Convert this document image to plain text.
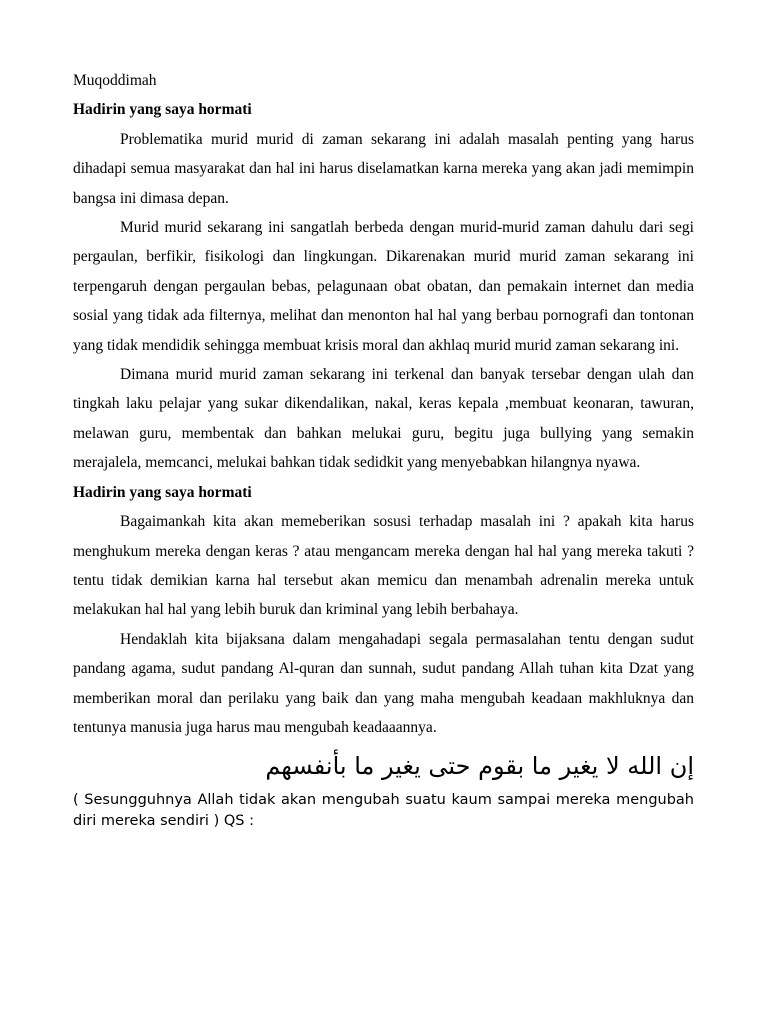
Muqoddimah

Hadirin yang saya hormati

Problematika murid murid di zaman sekarang ini adalah masalah penting yang harus dihadapi semua masyarakat dan hal ini harus diselamatkan karna mereka yang akan jadi memimpin bangsa ini dimasa depan.

Murid murid sekarang ini sangatlah berbeda dengan murid-murid zaman dahulu dari segi pergaulan, berfikir, fisikologi dan lingkungan. Dikarenakan murid murid zaman sekarang ini terpengaruh dengan pergaulan bebas, pelagunaan obat obatan, dan pemakain internet dan media sosial yang tidak ada filternya, melihat dan menonton hal hal yang berbau pornografi dan tontonan yang tidak mendidik sehingga membuat krisis moral dan akhlaq murid murid zaman sekarang ini.

Dimana murid murid zaman sekarang ini terkenal dan banyak tersebar dengan ulah dan tingkah laku pelajar yang sukar dikendalikan, nakal, keras kepala ,membuat keonaran, tawuran, melawan guru, membentak dan bahkan melukai guru, begitu juga bullying yang semakin merajalela, memcanci, melukai bahkan tidak sedidkit yang menyebabkan hilangnya nyawa.

Hadirin yang saya hormati

Bagaimankah kita akan memeberikan sosusi terhadap masalah ini ? apakah kita harus menghukum mereka dengan keras ? atau mengancam mereka dengan hal hal yang mereka takuti ? tentu tidak demikian karna hal tersebut akan memicu dan menambah adrenalin mereka untuk melakukan hal hal yang lebih buruk dan kriminal yang lebih berbahaya.

Hendaklah kita bijaksana dalam mengahadapi segala permasalahan tentu dengan sudut pandang agama, sudut pandang Al-quran dan sunnah, sudut pandang Allah tuhan kita Dzat yang memberikan moral dan perilaku yang baik dan yang maha mengubah keadaan makhluknya dan tentunya manusia juga harus mau mengubah keadaaannya.

إن الله لا يغير ما بقوم حتى يغير ما بأنفسهم

( Sesungguhnya Allah tidak akan mengubah suatu kaum sampai mereka mengubah diri mereka sendiri ) QS :
